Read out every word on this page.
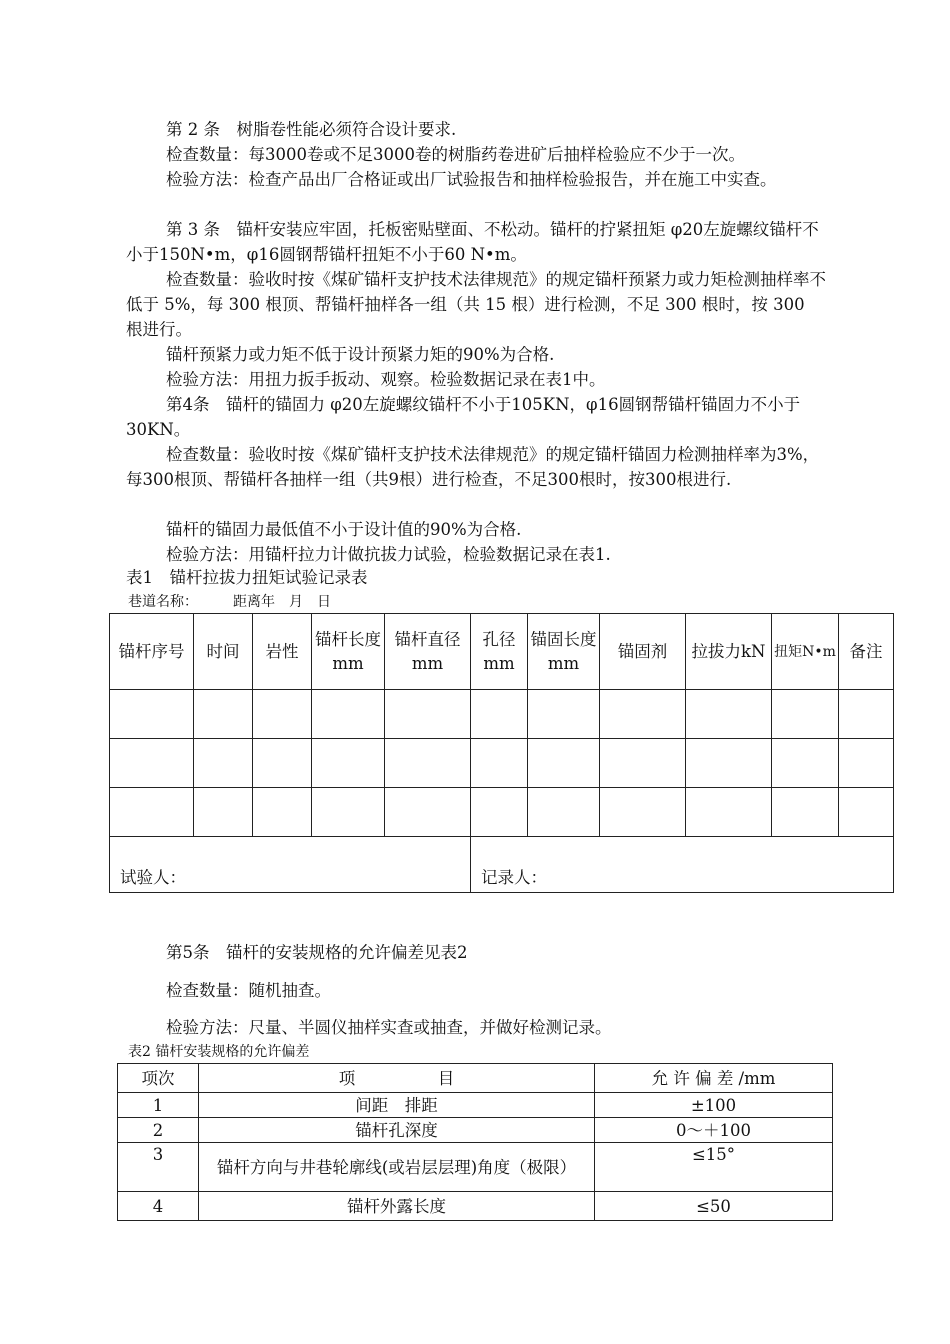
第 2 条　 树脂卷性能必须符合设计要求.
检查数量：每3000卷或不足3000卷的树脂药卷进矿后抽样检验应不少于一次。
检验方法：检查产品出厂合格证或出厂试验报告和抽样检验报告，并在施工中实查。
第 3 条　 锚杆安装应牢固，托板密贴壁面、不松动。锚杆的拧紧扭矩 φ20左旋螺纹锚杆不小于150N•m，φ16圆钢帮锚杆扭矩不小于60 N•m。
检查数量：验收时按《煤矿锚杆支护技术法律规范》的规定锚杆预紧力或力矩检测抽样率不低于 5%，每 300 根顶、帮锚杆抽样各一组（共 15 根）进行检测，不足 300 根时，按 300 根进行。
锚杆预紧力或力矩不低于设计预紧力矩的90%为合格.
检验方法：用扭力扳手扳动、观察。检验数据记录在表1中。
第4条　 锚杆的锚固力 φ20左旋螺纹锚杆不小于105KN，φ16圆钢帮锚杆锚固力不小于30KN。
检查数量：验收时按《煤矿锚杆支护技术法律规范》的规定锚杆锚固力检测抽样率为3%，每300根顶、帮锚杆各抽样一组（共9根）进行检查，不足300根时，按300根进行.
锚杆的锚固力最低值不小于设计值的90%为合格.
检验方法：用锚杆拉力计做抗拔力试验，检验数据记录在表1.
表1　锚杆拉拔力扭矩试验记录表
巷道名称：　　　距离年　月　日
锚杆序号	时间	岩性	锚杆长度mm	锚杆直径mm	孔径mm	锚固长度mm	锚固剂	拉拔力kN	扭矩N•m	备注

试验人：					记录人：					
第5条　锚杆的安装规格的允许偏差见表2
检查数量：随机抽查。
检验方法：尺量、半圆仪抽样实查或抽查，并做好检测记录。
表2 锚杆安装规格的允许偏差
项次	项　　　　　目	允 许 偏 差 /mm
1	间距　排距	±100
2	锚杆孔深度	0～＋100
3	锚杆方向与井巷轮廓线(或岩层层理)角度（极限）	≤15°
4	锚杆外露长度	≤50
